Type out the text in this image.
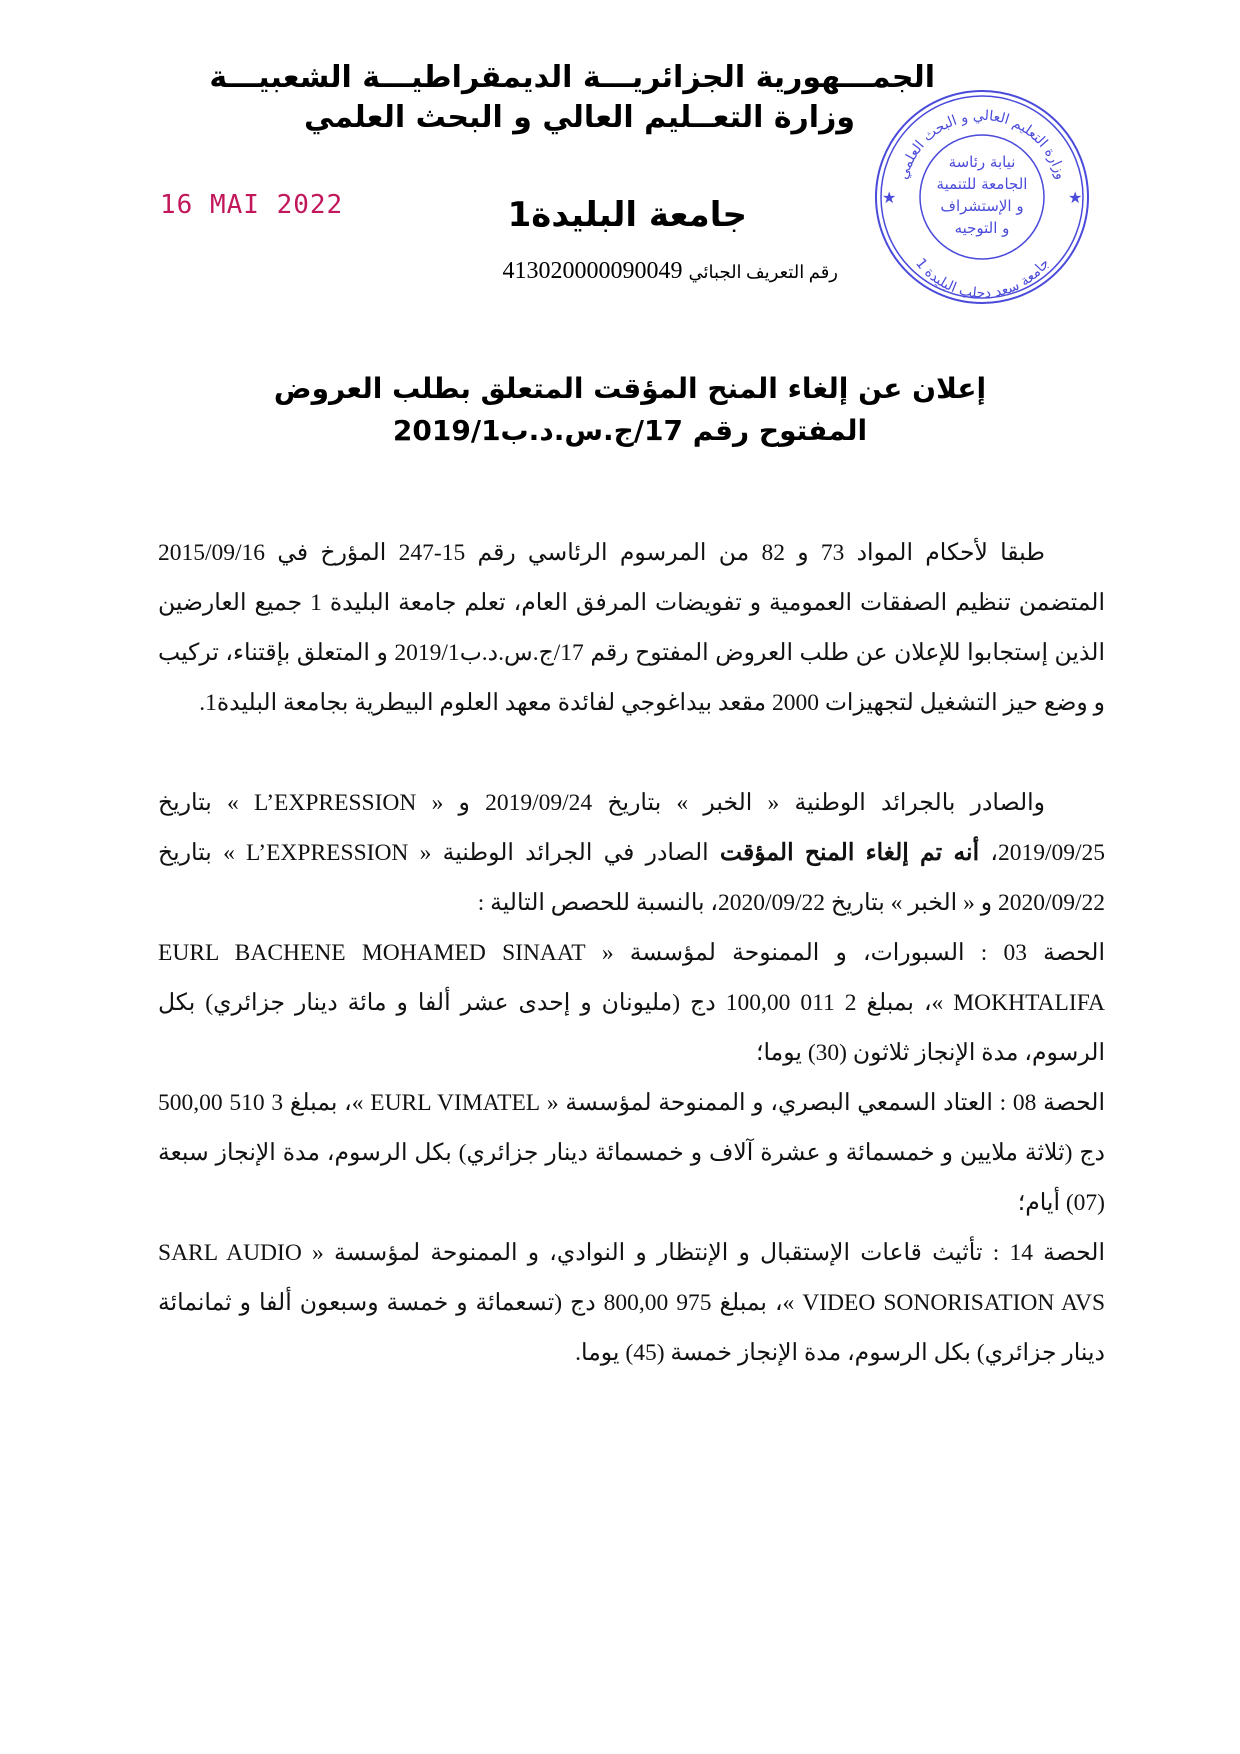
الجمـــهورية الجزائريـــة الديمقراطيـــة الشعبيـــة
وزارة التعــليم العالي و البحث العلمي
16 MAI 2022	جامعة البليدة1
رقم التعريف الجبائي 413020000090049
وزارة التعليم العالي و البحث العلمي
جامعة سعد دحلب البليدة 1
نيابة رئاسة
الجامعة للتنمية
و الإستشراف
و التوجيه
★	★
إعلان عن إلغاء المنح المؤقت المتعلق بطلب العروض
المفتوح رقم 17/ج.س.د.ب2019/1

طبقا لأحكام المواد 73 و 82 من المرسوم الرئاسي رقم 15-247 المؤرخ في 2015/09/16 المتضمن تنظيم الصفقات العمومية و تفويضات المرفق العام، تعلم جامعة البليدة 1 جميع العارضين الذين إستجابوا للإعلان عن طلب العروض المفتوح رقم 17/ج.س.د.ب2019/1 و المتعلق بإقتناء، تركيب و وضع حيز التشغيل لتجهيزات 2000 مقعد بيداغوجي لفائدة معهد العلوم البيطرية بجامعة البليدة1.

والصادر بالجرائد الوطنية « الخبر » بتاريخ 2019/09/24 و « L’EXPRESSION » بتاريخ 2019/09/25، أنه تم إلغاء المنح المؤقت الصادر في الجرائد الوطنية « L’EXPRESSION » بتاريخ 2020/09/22 و « الخبر » بتاريخ 2020/09/22، بالنسبة للحصص التالية :

الحصة 03 : السبورات، و الممنوحة لمؤسسة « EURL BACHENE MOHAMED SINAAT MOKHTALIFA »، بمبلغ 2 011 100,00 دج (مليونان و إحدى عشر ألفا و مائة دينار جزائري) بكل الرسوم، مدة الإنجاز ثلاثون (30) يوما؛

الحصة 08 : العتاد السمعي البصري، و الممنوحة لمؤسسة « EURL VIMATEL »، بمبلغ 3 510 500,00 دج (ثلاثة ملايين و خمسمائة و عشرة آلاف و خمسمائة دينار جزائري) بكل الرسوم، مدة الإنجاز سبعة (07) أيام؛

الحصة 14 : تأثيث قاعات الإستقبال و الإنتظار و النوادي، و الممنوحة لمؤسسة « SARL AUDIO VIDEO SONORISATION AVS »، بمبلغ 975 800,00 دج (تسعمائة و خمسة وسبعون ألفا و ثمانمائة دينار جزائري) بكل الرسوم، مدة الإنجاز خمسة (45) يوما.
